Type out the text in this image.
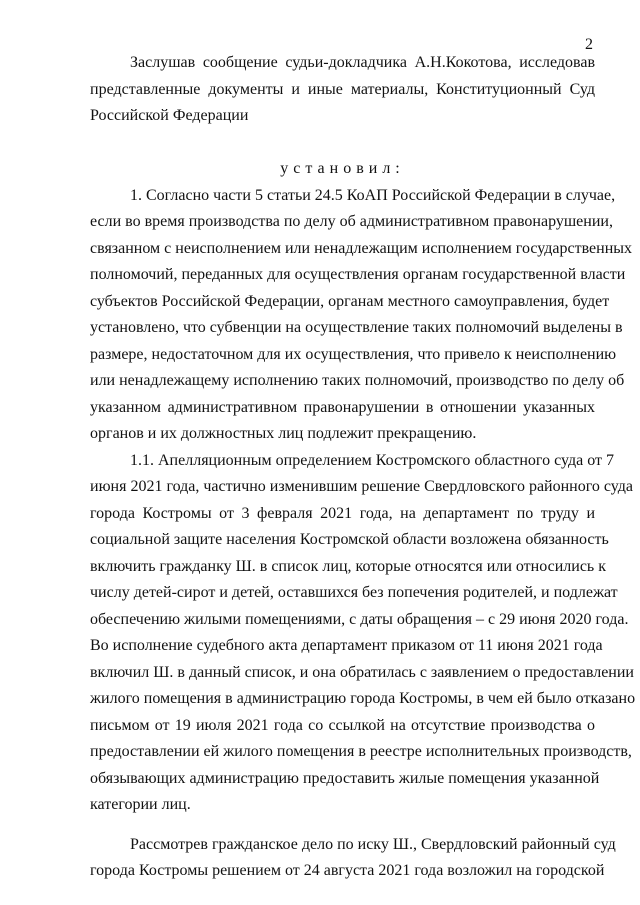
2
Заслушав сообщение судьи-докладчика А.Н.Кокотова, исследовав
представленные документы и иные материалы, Конституционный Суд
Российской Федерации
установил:
1. Согласно части 5 статьи 24.5 КоАП Российской Федерации в случае,
если во время производства по делу об административном правонарушении,
связанном с неисполнением или ненадлежащим исполнением государственных
полномочий, переданных для осуществления органам государственной власти
субъектов Российской Федерации, органам местного самоуправления, будет
установлено, что субвенции на осуществление таких полномочий выделены в
размере, недостаточном для их осуществления, что привело к неисполнению
или ненадлежащему исполнению таких полномочий, производство по делу об
указанном административном правонарушении в отношении указанных
органов и их должностных лиц подлежит прекращению.
1.1. Апелляционным определением Костромского областного суда от 7
июня 2021 года, частично изменившим решение Свердловского районного суда
города Костромы от 3 февраля 2021 года, на департамент по труду и
социальной защите населения Костромской области возложена обязанность
включить гражданку Ш. в список лиц, которые относятся или относились к
числу детей-сирот и детей, оставшихся без попечения родителей, и подлежат
обеспечению жилыми помещениями, с даты обращения – с 29 июня 2020 года.
Во исполнение судебного акта департамент приказом от 11 июня 2021 года
включил Ш. в данный список, и она обратилась с заявлением о предоставлении
жилого помещения в администрацию города Костромы, в чем ей было отказано
письмом от 19 июля 2021 года со ссылкой на отсутствие производства о
предоставлении ей жилого помещения в реестре исполнительных производств,
обязывающих администрацию предоставить жилые помещения указанной
категории лиц.
Рассмотрев гражданское дело по иску Ш., Свердловский районный суд
города Костромы решением от 24 августа 2021 года возложил на городской
